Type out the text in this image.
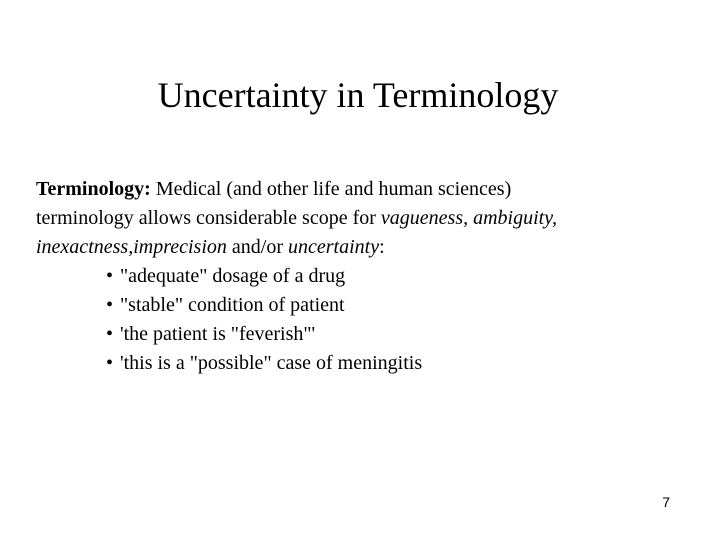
Uncertainty in Terminology
Terminology: Medical (and other life and human sciences)
terminology allows considerable scope for vagueness, ambiguity,
inexactness,imprecision and/or uncertainty:
• "adequate" dosage of a drug
• "stable" condition of patient
• 'the patient is "feverish"'
• 'this is a "possible" case of meningitis
7
